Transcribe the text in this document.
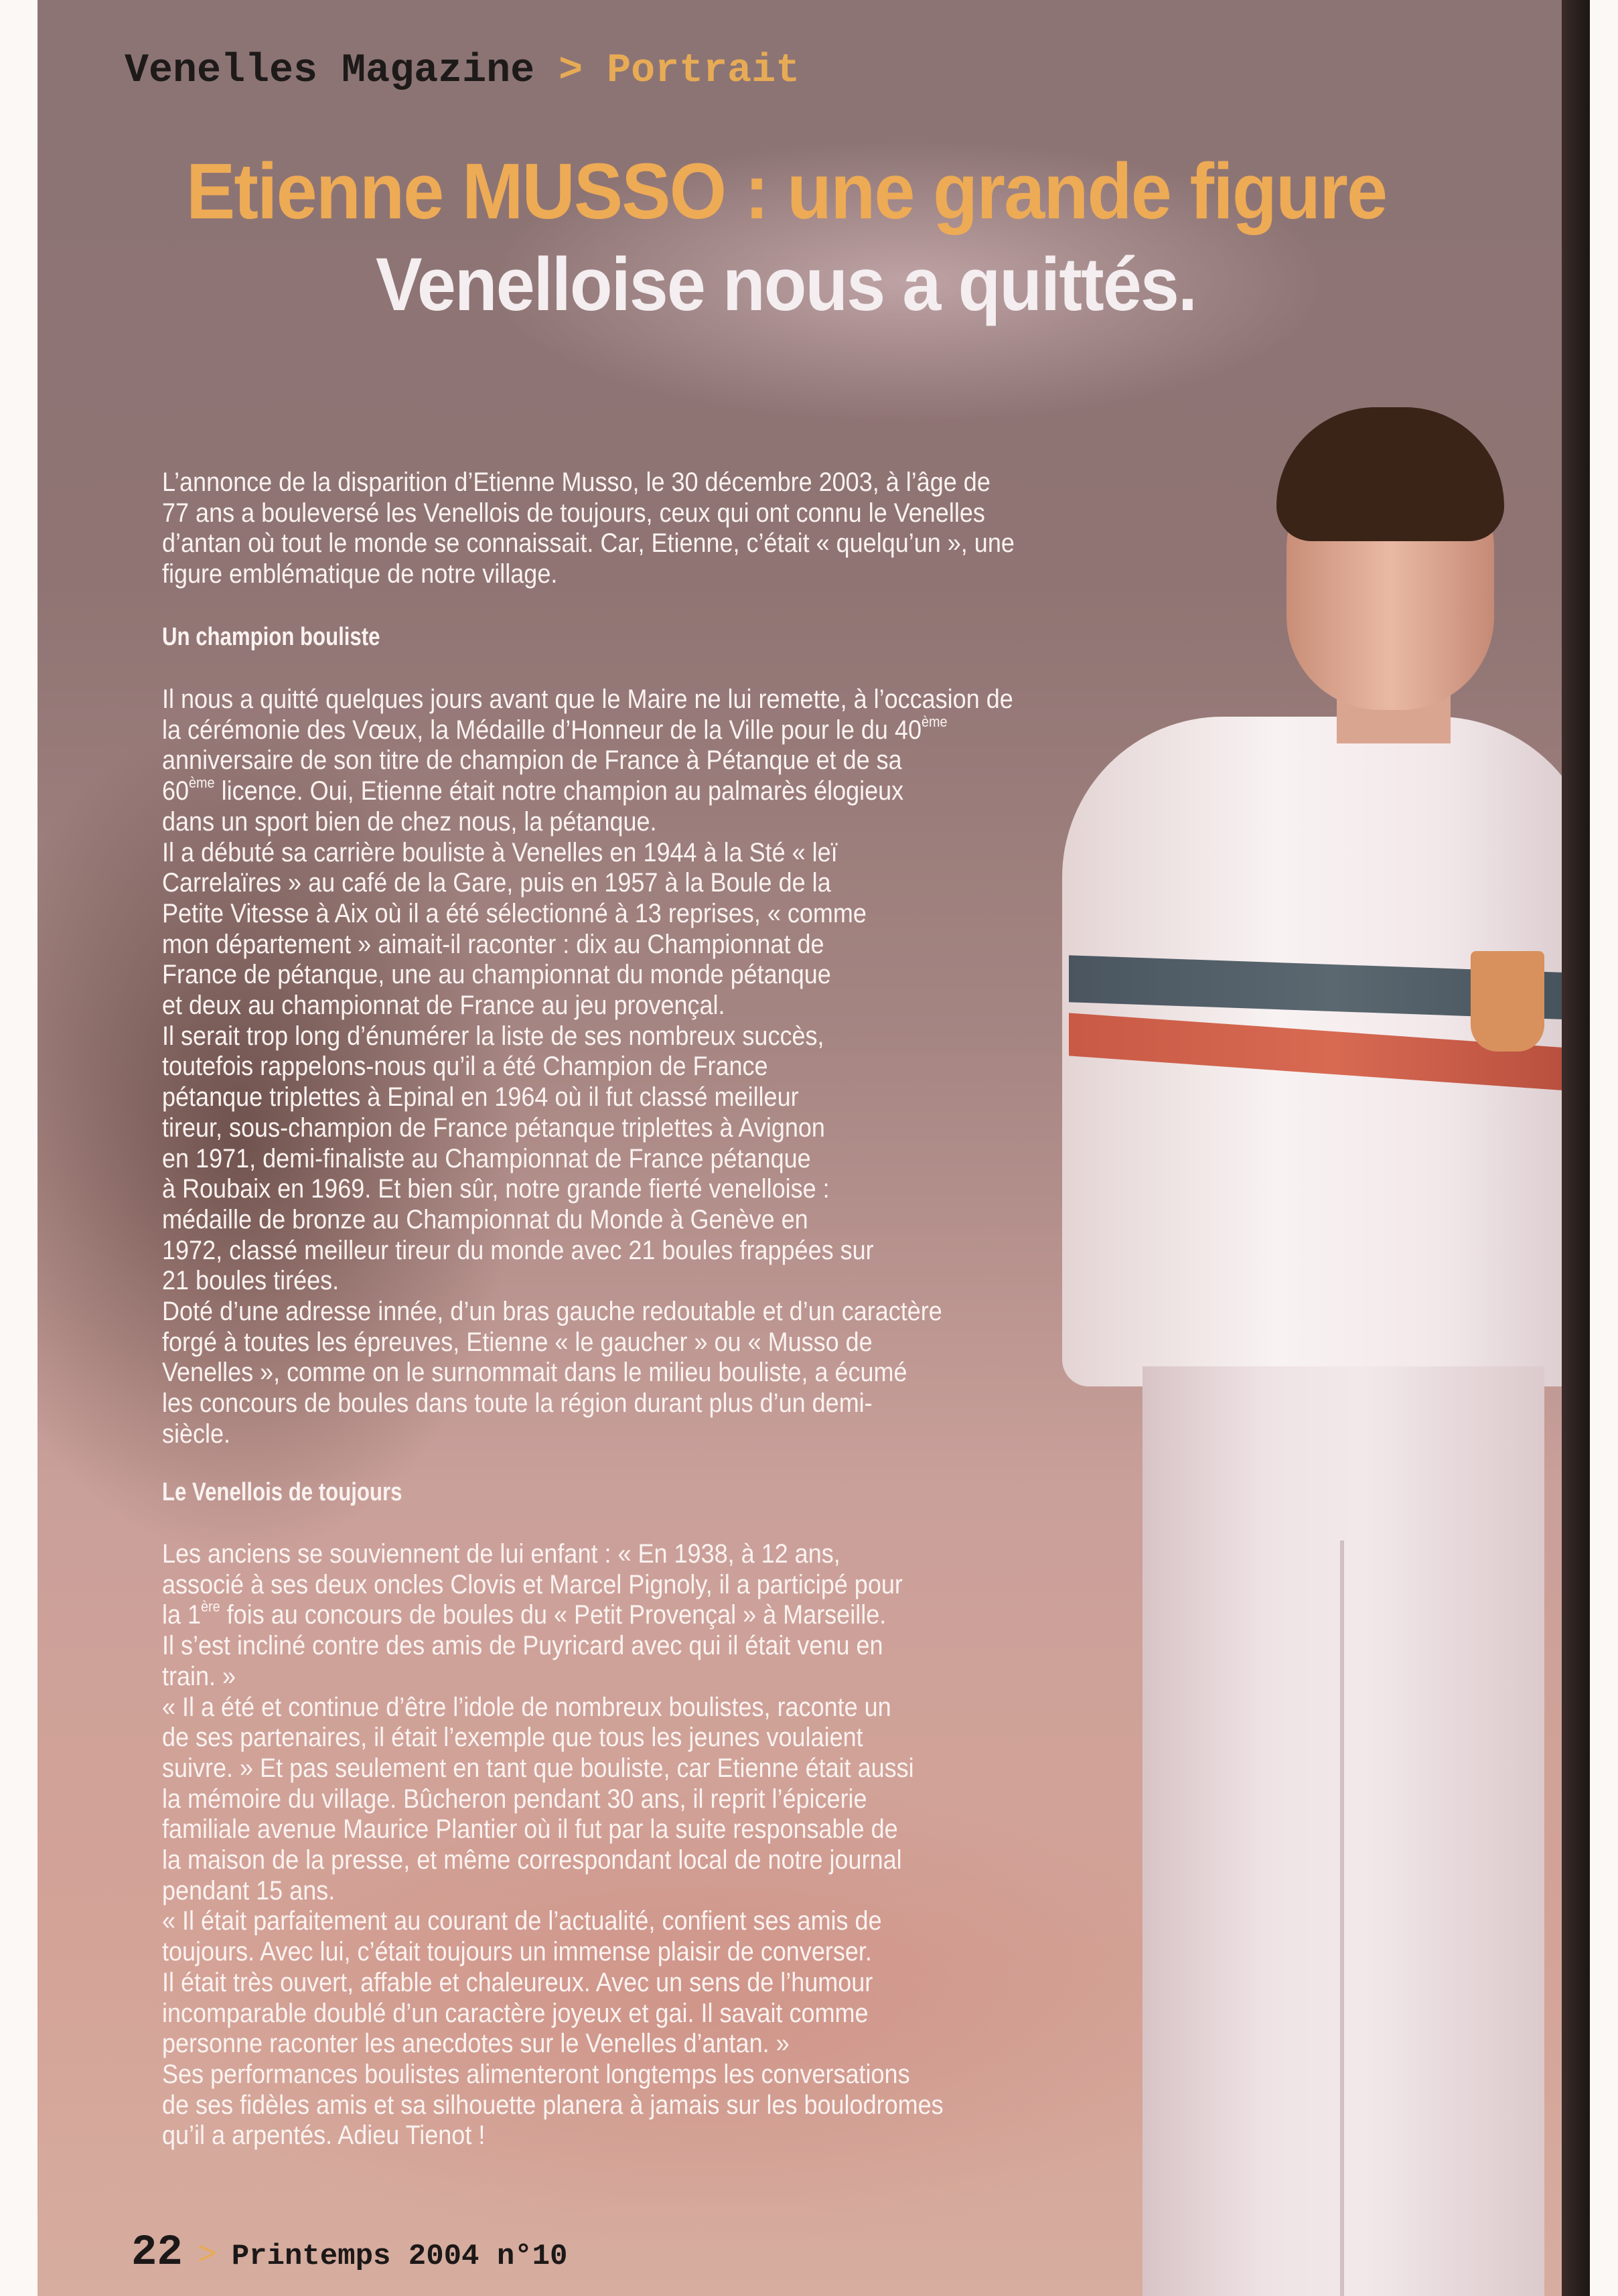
Venelles Magazine > Portrait
Etienne MUSSO : une grande figure
Venelloise nous a quittés.
L’annonce de la disparition d’Etienne Musso, le 30 décembre 2003, à l’âge de
77 ans a bouleversé les Venellois de toujours, ceux qui ont connu le Venelles
d’antan où tout le monde se connaissait. Car, Etienne, c’était « quelqu’un », une
figure emblématique de notre village.
Un champion bouliste
Il nous a quitté quelques jours avant que le Maire ne lui remette, à l’occasion de
la cérémonie des Vœux, la Médaille d’Honneur de la Ville pour le du 40ème
anniversaire de son titre de champion de France à Pétanque et de sa
60ème licence. Oui, Etienne était notre champion au palmarès élogieux
dans un sport bien de chez nous, la pétanque.
Il a débuté sa carrière bouliste à Venelles en 1944 à la Sté « leï
Carrelaïres » au café de la Gare, puis en 1957 à la Boule de la
Petite Vitesse à Aix où il a été sélectionné à 13 reprises, « comme
mon département » aimait-il raconter : dix au Championnat de
France de pétanque, une au championnat du monde pétanque
et deux au championnat de France au jeu provençal.
Il serait trop long d’énumérer la liste de ses nombreux succès,
toutefois rappelons-nous qu’il a été Champion de France
pétanque triplettes à Epinal en 1964 où il fut classé meilleur
tireur, sous-champion de France pétanque triplettes à Avignon
en 1971, demi-finaliste au Championnat de France pétanque
à Roubaix en 1969. Et bien sûr, notre grande fierté venelloise :
médaille de bronze au Championnat du Monde à Genève en
1972, classé meilleur tireur du monde avec 21 boules frappées sur
21 boules tirées.
Doté d’une adresse innée, d’un bras gauche redoutable et d’un caractère
forgé à toutes les épreuves, Etienne « le gaucher » ou « Musso de
Venelles », comme on le surnommait dans le milieu bouliste, a écumé
les concours de boules dans toute la région durant plus d’un demi-
siècle.
Le Venellois de toujours
Les anciens se souviennent de lui enfant : « En 1938, à 12 ans,
associé à ses deux oncles Clovis et Marcel Pignoly, il a participé pour
la 1ère fois au concours de boules du « Petit Provençal » à Marseille.
Il s’est incliné contre des amis de Puyricard avec qui il était venu en
train. »
« Il a été et continue d’être l’idole de nombreux boulistes, raconte un
de ses partenaires, il était l’exemple que tous les jeunes voulaient
suivre. » Et pas seulement en tant que bouliste, car Etienne était aussi
la mémoire du village. Bûcheron pendant 30 ans, il reprit l’épicerie
familiale avenue Maurice Plantier où il fut par la suite responsable de
la maison de la presse, et même correspondant local de notre journal
pendant 15 ans.
« Il était parfaitement au courant de l’actualité, confient ses amis de
toujours. Avec lui, c’était toujours un immense plaisir de converser.
Il était très ouvert, affable et chaleureux. Avec un sens de l’humour
incomparable doublé d’un caractère joyeux et gai. Il savait comme
personne raconter les anecdotes sur le Venelles d’antan. »
Ses performances boulistes alimenteront longtemps les conversations
de ses fidèles amis et sa silhouette planera à jamais sur les boulodromes
qu’il a arpentés. Adieu Tienot !
22 > Printemps 2004 n°10
